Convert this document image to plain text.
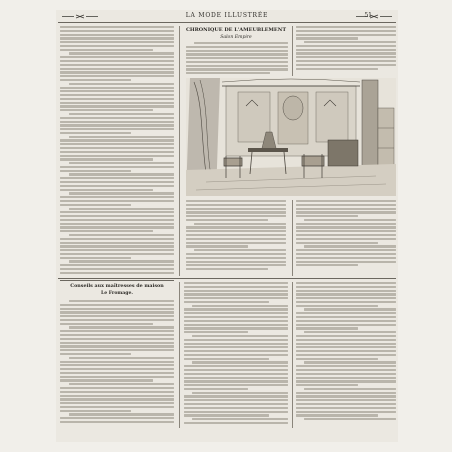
LA MODE ILLUSTRÉE	51
CHRONIQUE DE L'AMEUBLEMENT
Salon Empire
Conseils aux maîtresses de maison
Le Fromage.
